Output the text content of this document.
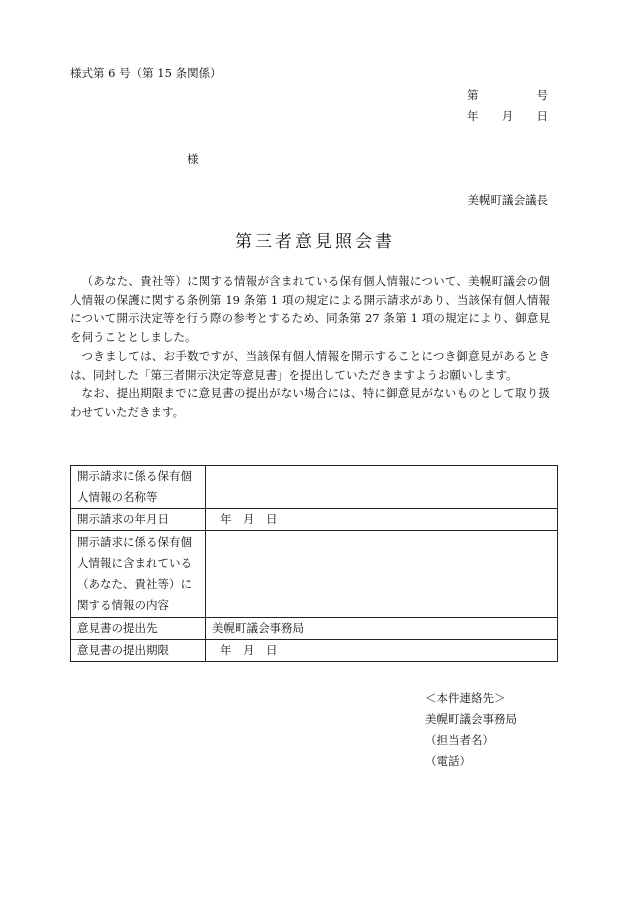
様式第 6 号（第 15 条関係）
第	号
年 月 日
様
美幌町議会議長
第三者意見照会書

（あなた、貴社等）に関する情報が含まれている保有個人情報について、美幌町議会の個人情報の保護に関する条例第 19 条第 1 項の規定による開示請求があり、当該保有個人情報について開示決定等を行う際の参考とするため、同条第 27 条第 1 項の規定により、御意見を伺うこととしました。

つきましては、お手数ですが、当該保有個人情報を開示することにつき御意見があるときは、同封した「第三者開示決定等意見書」を提出していただきますようお願いします。

なお、提出期限までに意見書の提出がない場合には、特に御意見がないものとして取り扱わせていただきます。

開示請求に係る保有個人情報の名称等	
開示請求の年月日	年　月　日
開示請求に係る保有個人情報に含まれている（あなた、貴社等）に関する情報の内容	
意見書の提出先	美幌町議会事務局
意見書の提出期限	年　月　日
＜本件連絡先＞
美幌町議会事務局
（担当者名）
（電話）
